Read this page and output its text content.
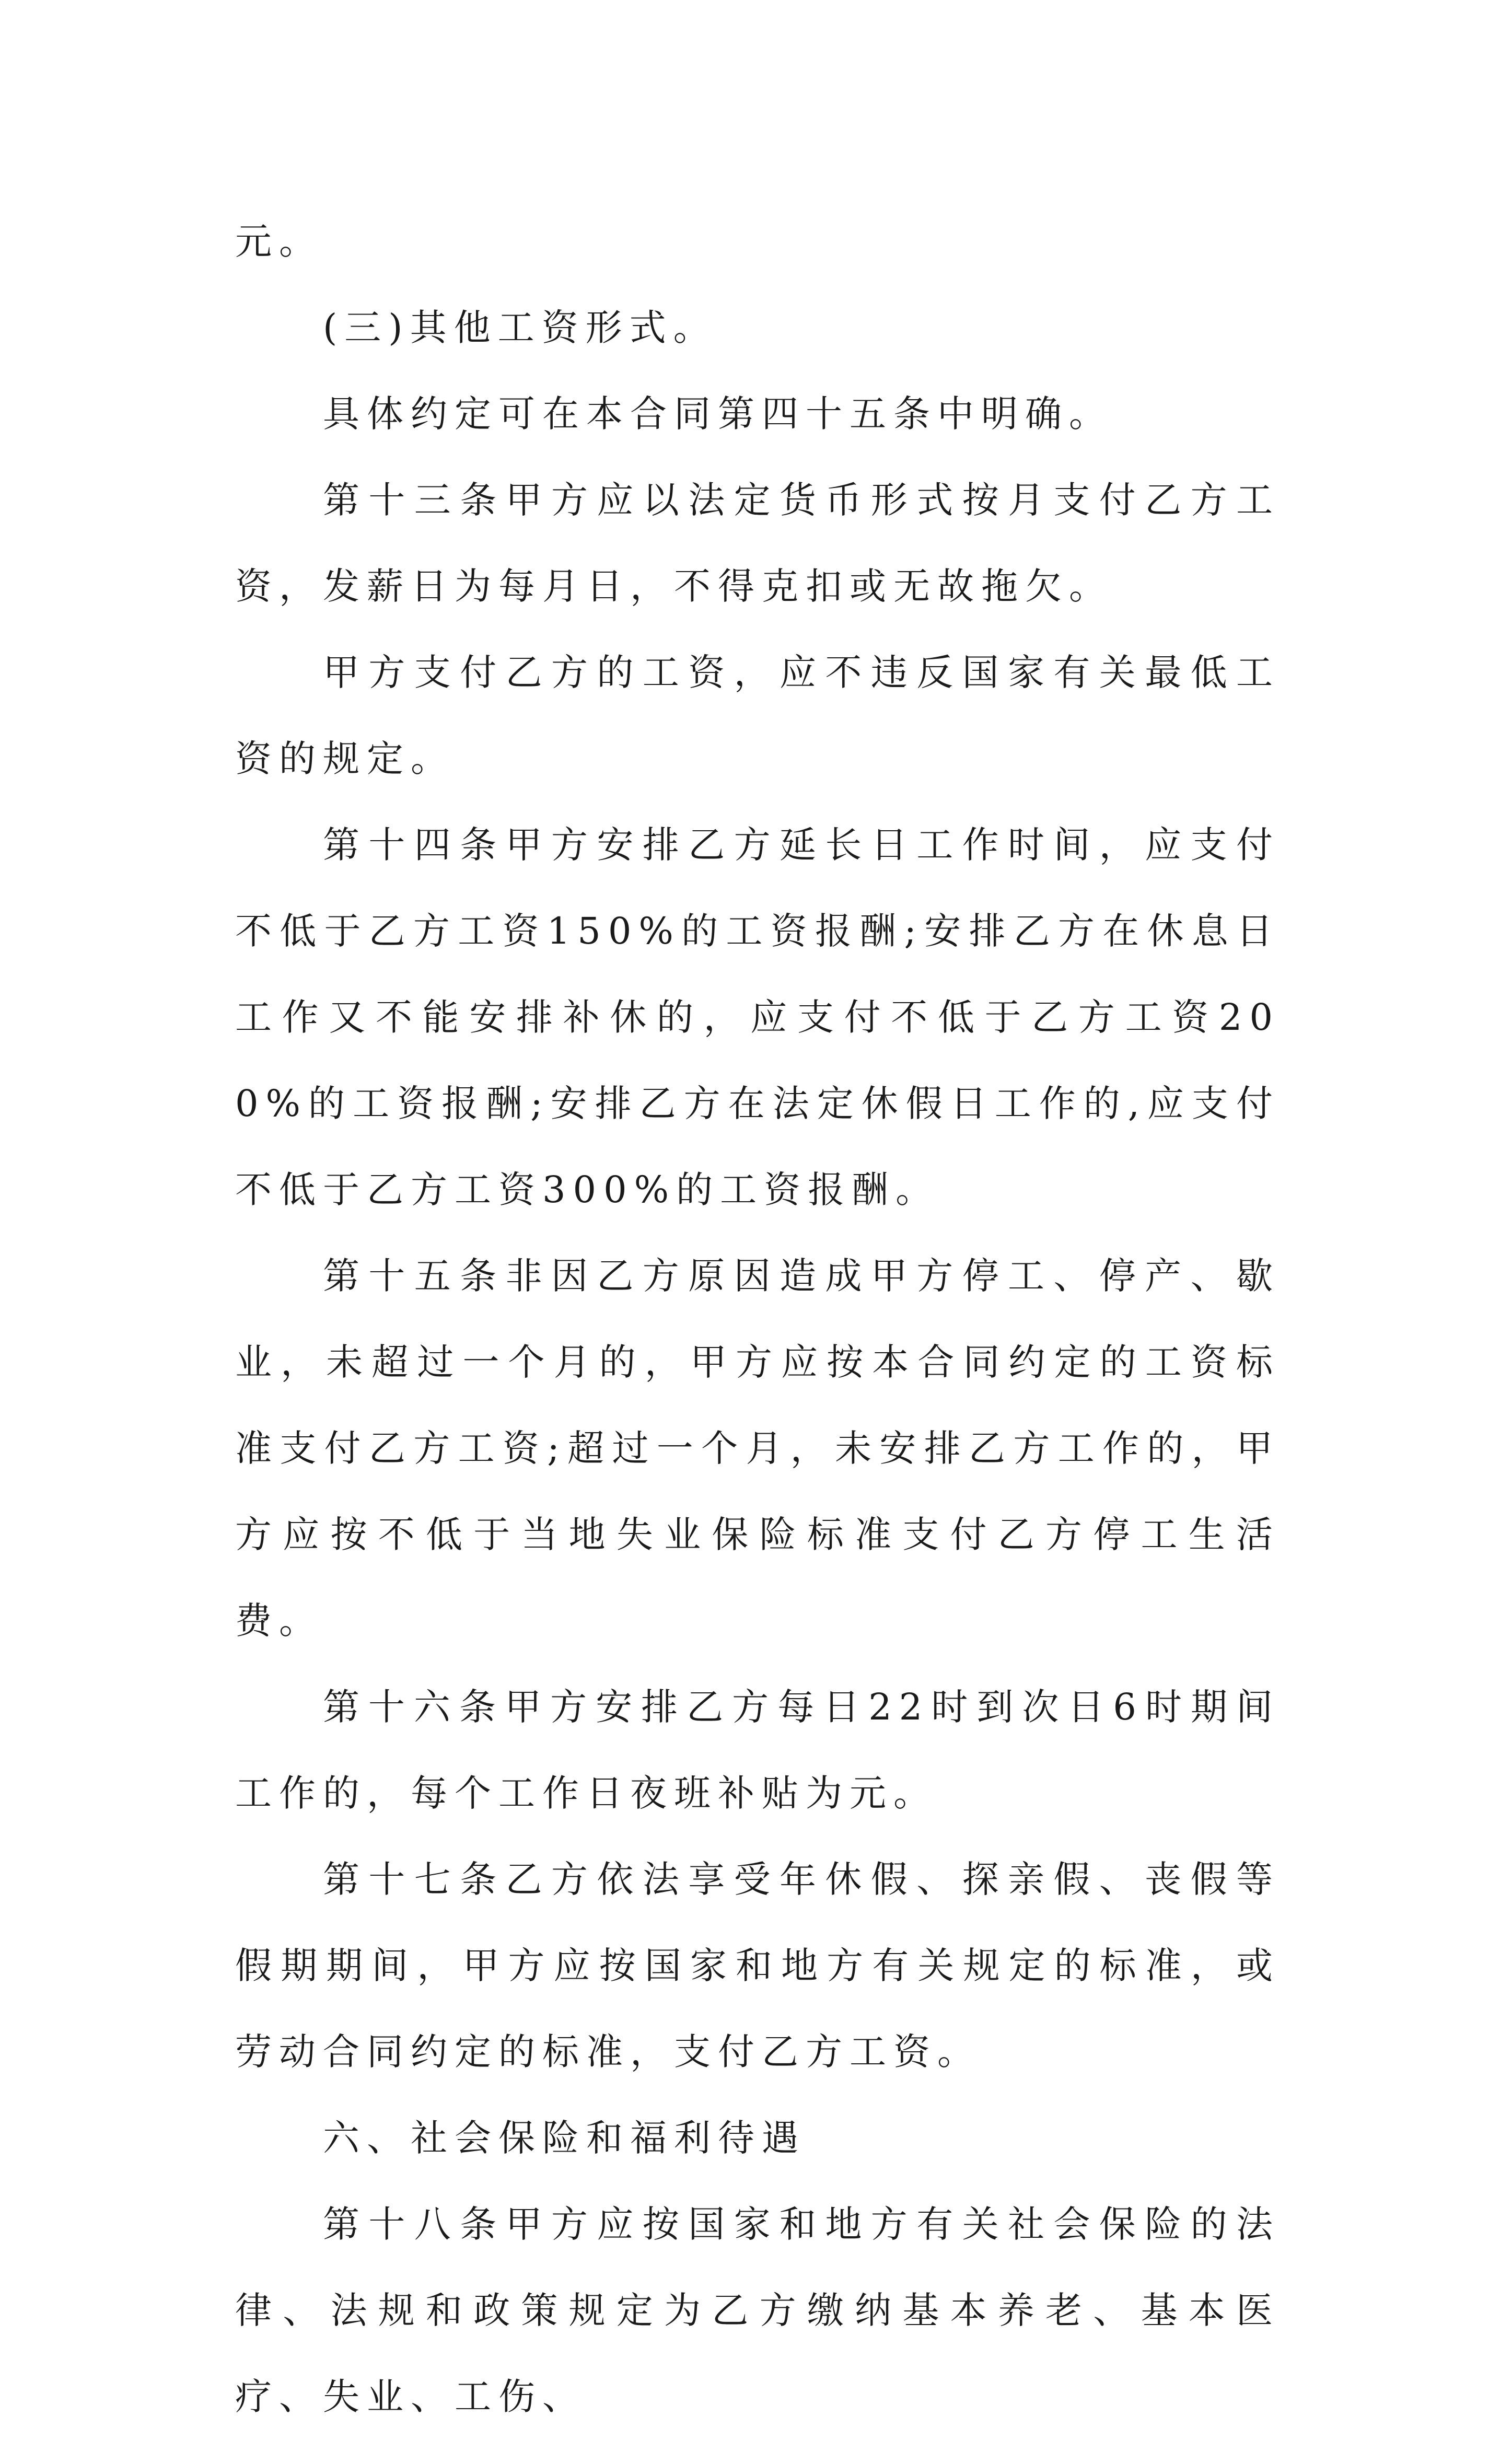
元。

(三)其他工资形式。

具体约定可在本合同第四十五条中明确。

第十三条甲方应以法定货币形式按月支付乙方工资，发薪日为每月日，不得克扣或无故拖欠。

甲方支付乙方的工资，应不违反国家有关最低工资的规定。

第十四条甲方安排乙方延长日工作时间，应支付不低于乙方工资150%的工资报酬;安排乙方在休息日工作又不能安排补休的，应支付不低于乙方工资200%的工资报酬;安排乙方在法定休假日工作的,应支付不低于乙方工资300%的工资报酬。

第十五条非因乙方原因造成甲方停工、停产、歇业，未超过一个月的，甲方应按本合同约定的工资标准支付乙方工资;超过一个月，未安排乙方工作的，甲方应按不低于当地失业保险标准支付乙方停工生活费。

第十六条甲方安排乙方每日22时到次日6时期间工作的，每个工作日夜班补贴为元。

第十七条乙方依法享受年休假、探亲假、丧假等假期期间，甲方应按国家和地方有关规定的标准，或劳动合同约定的标准，支付乙方工资。

六、社会保险和福利待遇

第十八条甲方应按国家和地方有关社会保险的法律、法规和政策规定为乙方缴纳基本养老、基本医疗、失业、工伤、
